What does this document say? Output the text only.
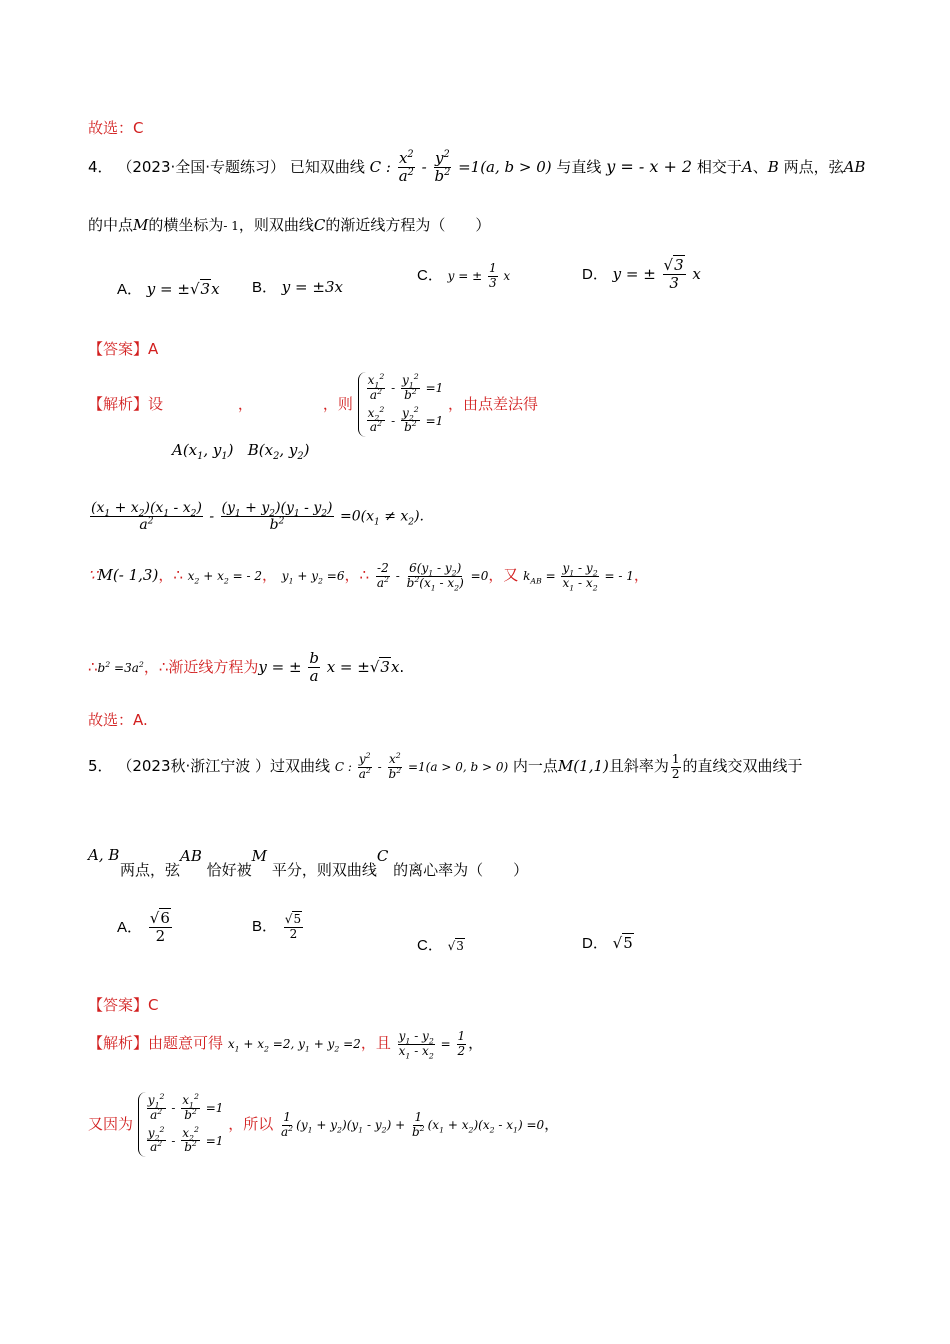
故选：C
4． （2023·全国·专题练习） 已知双曲线 C : $\frac{x^2}{a^2} - \frac{y^2}{b^2} =1(a$, b > 0) 与直线 y = - x + 2 相交于A、B 两点，弦AB
的中点M的横坐标为- 1，则双曲线C的渐近线方程为（　　）
A． y = ±√3x B． y = ±3x
C． y = ± $\frac{1}{3}$ x	D． y = ± $\frac{√3}{3}$ x
【答案】A
【解析】设	，	，则
$\frac{x_1^2}{a^2} - \frac{y_1^2}{b^2} =1$
$\frac{x_2^2}{a^2} - \frac{y_2^2}{b^2} =1$
，由点差法得
$A(x_1$, $y_1$)   $B(x_2$, $y_2$)
$\frac{(x_1 + x_2)(x_1 - x_2)}{a^2} - \frac{(y_1 + y_2)(y_1 - y_2)}{b^2} =0(x_1 \ne x_2)$.
∵M(- 1,3)，∴ $x_2 + x_2$ = - 2， $y_1 + y_2 =6$，∴ $\frac{-2}{a^2} - \frac{6(y_1 - y_2)}{b^2(x_1 - x_2)} =0$，又 $k_{AB} = \frac{y_1 - y_2}{x_1 - x_2}$ = - 1，
$\therefore b^2 =3a^2$，∴渐近线方程为y = ± $\frac{b}{a}$ x = ±√3x.
故选：A.
5． （2023秋·浙江宁波 ）过双曲线 C : $\frac{y^2}{a^2} - \frac{x^2}{b^2} =1(a > 0$, b > 0) 内一点M(1,1)且斜率为 $\frac{1}{2}$ 的直线交双曲线于
A, B
两点，弦AB 恰好被M 平分，则双曲线C 的离心率为（　　）
A． $\frac{√6}{2}$	B． $\frac{√5}{2}$
C． √3	D． √5
【答案】C
【解析】由题意可得 $x_1 + x_2 =2$, $y_1 + y_2 =2$，且 $\frac{y_1 - y_2}{x_1 - x_2} = \frac{1}{2}$ ，
又因为
$\frac{y_1^2}{a^2} - \frac{x_1^2}{b^2} =1$
$\frac{y_2^2}{a^2} - \frac{x_2^2}{b^2} =1$
，所以 $\frac{1}{a^2} (y_1 + y_2)(y_1 - y_2) + \frac{1}{b^2} (x_1 + x_2)(x_2 - x_1) =0$，
